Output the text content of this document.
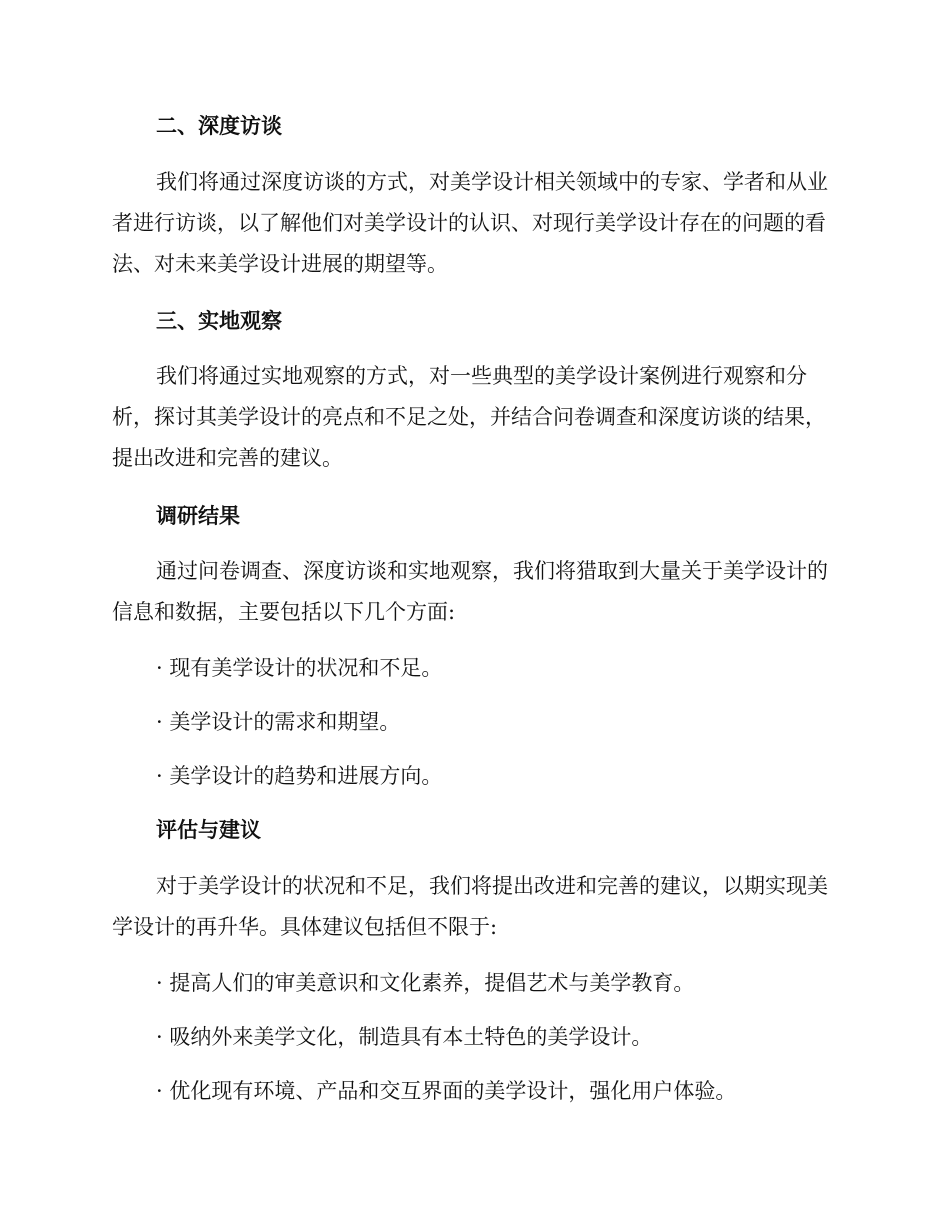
二、深度访谈
我们将通过深度访谈的方式，对美学设计相关领域中的专家、学者和从业者进行访谈，以了解他们对美学设计的认识、对现行美学设计存在的问题的看法、对未来美学设计进展的期望等。
三、实地观察
我们将通过实地观察的方式，对一些典型的美学设计案例进行观察和分析，探讨其美学设计的亮点和不足之处，并结合问卷调查和深度访谈的结果，提出改进和完善的建议。
调研结果
通过问卷调查、深度访谈和实地观察，我们将猎取到大量关于美学设计的信息和数据，主要包括以下几个方面:
· 现有美学设计的状况和不足。
· 美学设计的需求和期望。
· 美学设计的趋势和进展方向。
评估与建议
对于美学设计的状况和不足，我们将提出改进和完善的建议，以期实现美学设计的再升华。具体建议包括但不限于:
· 提高人们的审美意识和文化素养，提倡艺术与美学教育。
· 吸纳外来美学文化，制造具有本土特色的美学设计。
· 优化现有环境、产品和交互界面的美学设计，强化用户体验。
